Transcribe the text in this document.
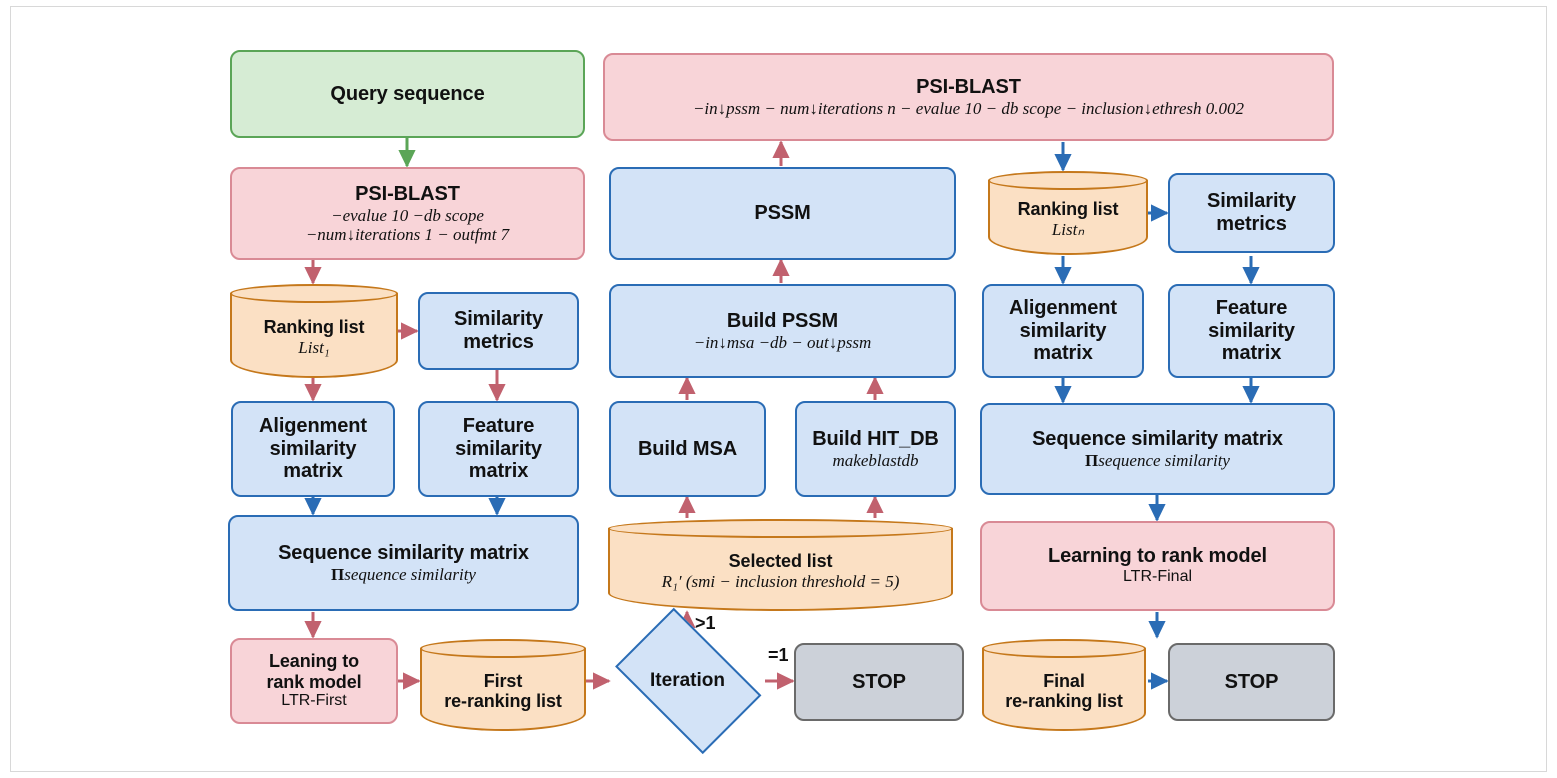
Query sequence
PSI-BLAST
−evalue 10 −db scope
−num↓iterations 1 − outfmt 7
Ranking list
List₁
Similarity
metrics
Aligenment
similarity
matrix
Feature
similarity
matrix
Sequence similarity matrix
Πsequence similarity
Leaning to
rank model
LTR-First
First
re-ranking list
Iteration
>1
=1
STOP
Selected list
R₁′ (smi − inclusion threshold = 5)
Build MSA	Build HIT_DB
makeblastdb
Build PSSM
−in↓msa −db − out↓pssm
PSSM
PSI-BLAST
−in↓pssm − num↓iterations n − evalue 10 − db scope − inclusion↓ethresh 0.002
Ranking list
Listₙ
Similarity
metrics
Aligenment
similarity
matrix
Feature
similarity
matrix
Sequence similarity matrix
Πsequence similarity
Learning to rank model
LTR-Final
Final
re-ranking list
STOP
